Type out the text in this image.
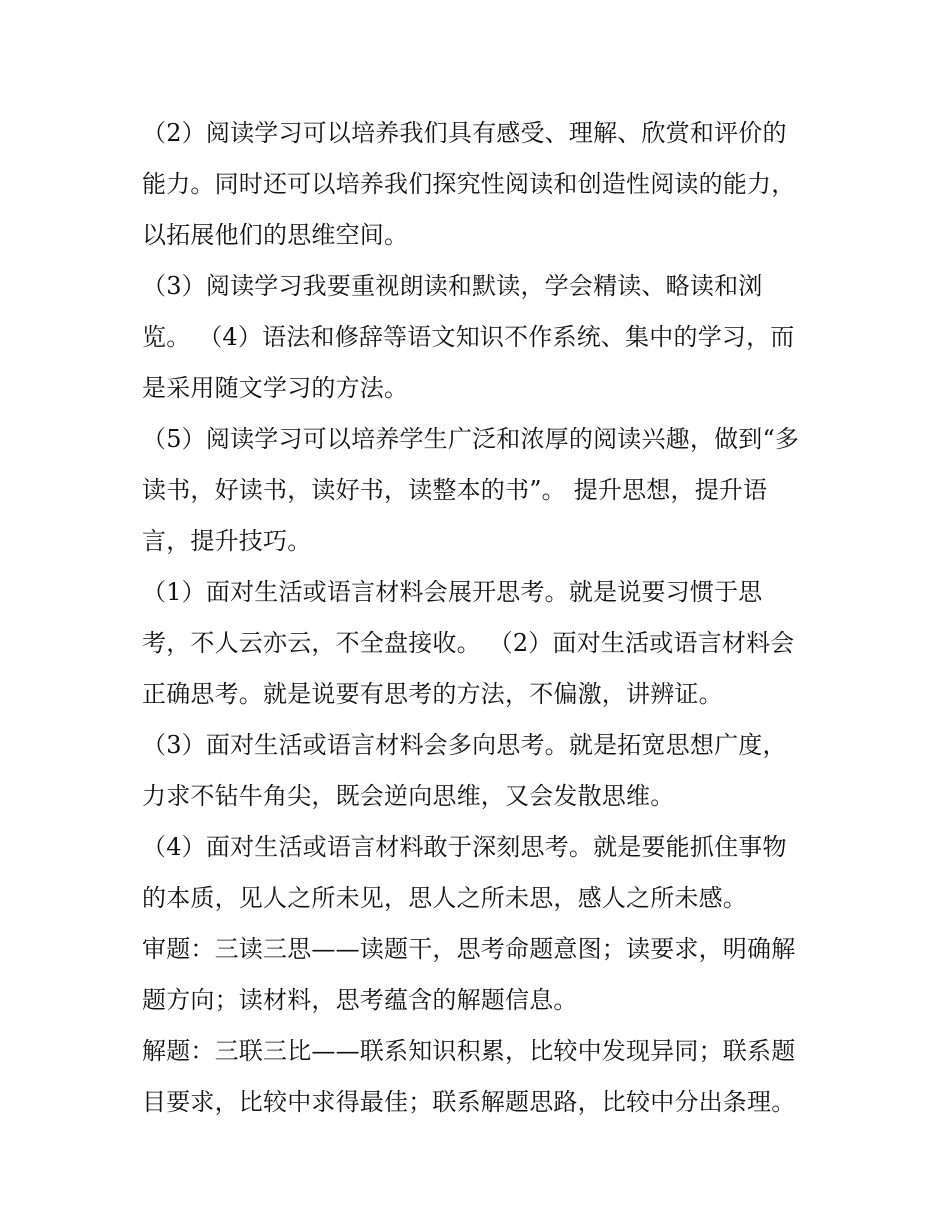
（2）阅读学习可以培养我们具有感受、理解、欣赏和评价的
能力。同时还可以培养我们探究性阅读和创造性阅读的能力，
以拓展他们的思维空间。
（3）阅读学习我要重视朗读和默读，学会精读、略读和浏
览。 （4）语法和修辞等语文知识不作系统、集中的学习，而
是采用随文学习的方法。
（5）阅读学习可以培养学生广泛和浓厚的阅读兴趣，做到“多
读书，好读书，读好书，读整本的书”。 提升思想，提升语
言，提升技巧。
（1）面对生活或语言材料会展开思考。就是说要习惯于思
考，不人云亦云，不全盘接收。 （2）面对生活或语言材料会
正确思考。就是说要有思考的方法，不偏激，讲辨证。
（3）面对生活或语言材料会多向思考。就是拓宽思想广度，
力求不钻牛角尖，既会逆向思维，又会发散思维。
（4）面对生活或语言材料敢于深刻思考。就是要能抓住事物
的本质，见人之所未见，思人之所未思，感人之所未感。
审题：三读三思——读题干，思考命题意图；读要求，明确解
题方向；读材料，思考蕴含的解题信息。
解题：三联三比——联系知识积累，比较中发现异同；联系题
目要求，比较中求得最佳；联系解题思路，比较中分出条理。
